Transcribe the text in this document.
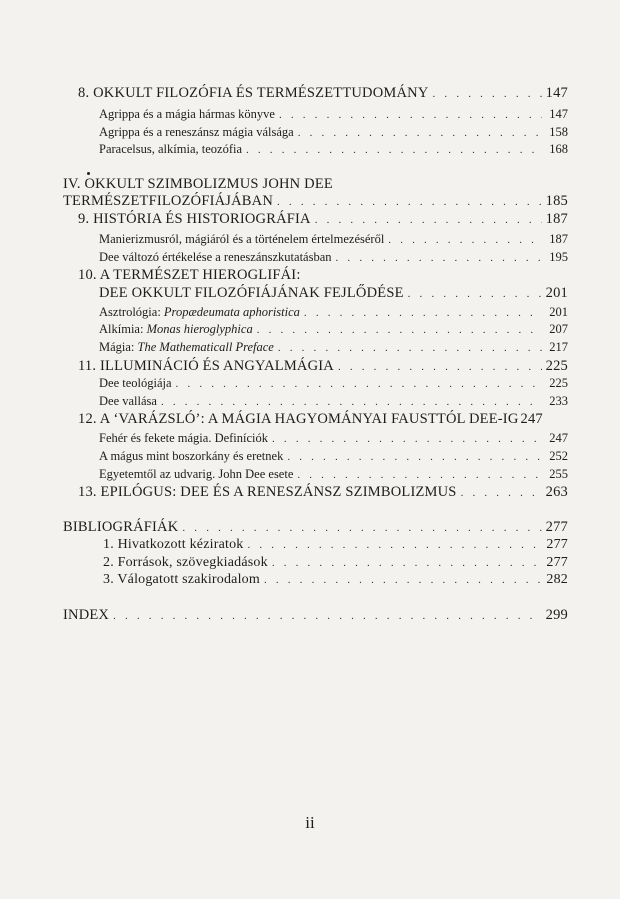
8. OKKULT FILOZÓFIA ÉS TERMÉSZETTUDOMÁNY . . .	147
Agrippa és a mágia hármas könyve . . .	147
Agrippa és a reneszánsz mágia válsága . . .	158
Paracelsus, alkímia, teozófia . . .	168
IV. OKKULT SZIMBOLIZMUS JOHN DEE
TERMÉSZETFILOZÓFIÁJÁBAN . . .	185
9. HISTÓRIA ÉS HISTORIOGRÁFIA . . .	187
Manierizmusról, mágiáról és a történelem értelmezéséről . . .	187
Dee változó értékelése a reneszánszkutatásban . . .	195
10. A TERMÉSZET HIEROGLIFÁI:
DEE OKKULT FILOZÓFIÁJÁNAK FEJLŐDÉSE . . .	201
Asztrológia: Propædeumata aphoristica . . .	201
Alkímia: Monas hieroglyphica . . .	207
Mágia: The Mathematicall Preface . . .	217
11. ILLUMINÁCIÓ ÉS ANGYALMÁGIA . . .	225
Dee teológiája . . .	225
Dee vallása . . .	233
12. A ‘VARÁZSLÓ’: A MÁGIA HAGYOMÁNYAI FAUSTTÓL DEE-IG 247
Fehér és fekete mágia. Definíciók . . .	247
A mágus mint boszorkány és eretnek . . .	252
Egyetemtől az udvarig. John Dee esete . . .	255
13. EPILÓGUS: DEE ÉS A RENESZÁNSZ SZIMBOLIZMUS . . .	263
BIBLIOGRÁFIÁK . . .	277
1. Hivatkozott kéziratok . . .	277
2. Források, szövegkiadások . . .	277
3. Válogatott szakirodalom . . .	282
INDEX . . .	299
ii
